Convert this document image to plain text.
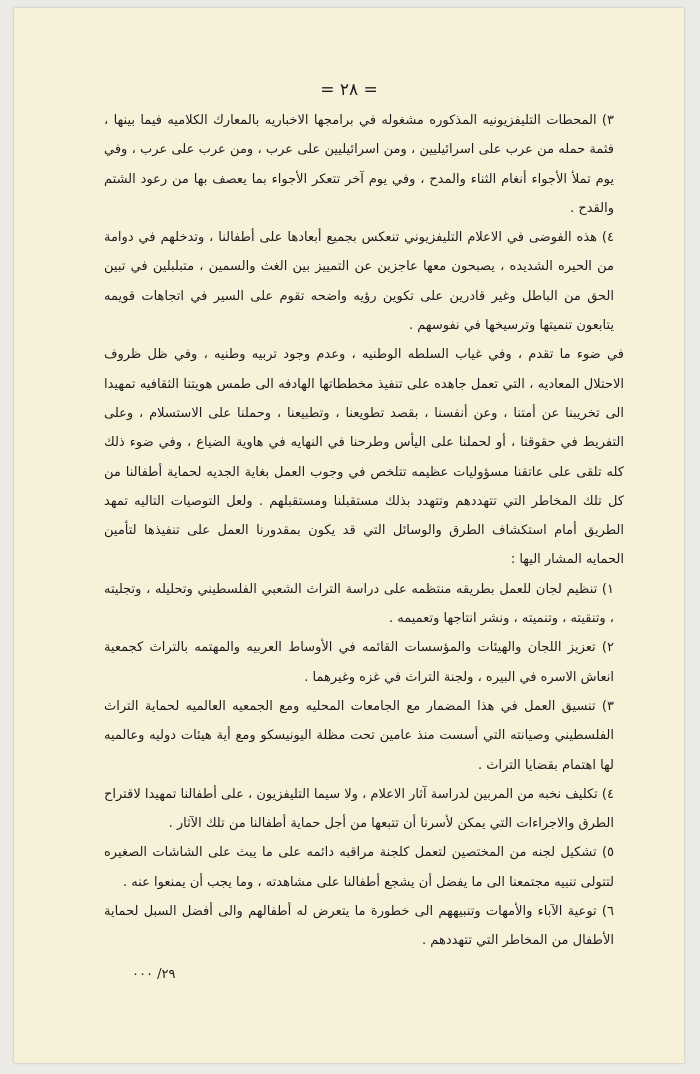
= ٢٨ =

٣) المحطات التليفزيونيه المذكوره مشغوله في برامجها الاخباريه بالمعارك الكلاميه فيما بينها ، فثمة حمله من عرب على اسرائيليين ، ومن اسرائيليين على عرب ، ومن عرب على عرب ، وفي يوم تملأ الأجواء أنغام الثناء والمدح ، وفي يوم آخر تتعكر الأجواء بما يعصف بها من رعود الشتم والقدح .

٤) هذه الفوضى في الاعلام التليفزيوني تنعكس بجميع أبعادها على أطفالنا ، وتدخلهم في دوامة من الحيره الشديده ، يصبحون معها عاجزين عن التمييز بين الغث والسمين ، متبلبلين في تبين الحق من الباطل وغير قادرين على تكوين رؤيه واضحه تقوم على السير في اتجاهات قويمه يتابعون تنميتها وترسيخها في نفوسهم .

في ضوء ما تقدم ، وفي غياب السلطه الوطنيه ، وعدم وجود تربيه وطنيه ، وفي ظل ظروف الاحتلال المعاديه ، التي تعمل جاهده على تنفيذ مخططاتها الهادفه الى طمس هويتنا الثقافيه تمهيدا الى تخريبنا عن أمتنا ، وعن أنفسنا ، بقصد تطويعنا ، وتطبيعنا ، وحملنا على الاستسلام ، وعلى التفريط في حقوقنا ، أو لحملنا على اليأس وطرحنا في النهايه في هاوية الضياع ، وفي ضوء ذلك كله تلقى على عاتقنا مسؤوليات عظيمه تتلخص في وجوب العمل بغاية الجديه لحماية أطفالنا من كل تلك المخاطر التي تتهددهم وتتهدد بذلك مستقبلنا ومستقبلهم . ولعل التوصيات التاليه تمهد الطريق أمام استكشاف الطرق والوسائل التي قد يكون بمقدورنا العمل على تنفيذها لتأمين الحمايه المشار اليها :

١) تنظيم لجان للعمل بطريقه منتظمه على دراسة التراث الشعبي الفلسطيني وتحليله ، وتجليته ، وتنقيته ، وتنميته ، ونشر انتاجها وتعميمه .

٢) تعزيز اللجان والهيئات والمؤسسات القائمه في الأوساط العربيه والمهتمه بالتراث كجمعية انعاش الاسره في البيره ، ولجنة التراث في غزه وغيرهما .

٣) تنسيق العمل في هذا المضمار مع الجامعات المحليه ومع الجمعيه العالميه لحماية التراث الفلسطيني وصيانته التي أسست منذ عامين تحت مظلة اليونيسكو ومع أية هيئات دوليه وعالميه لها اهتمام بقضايا التراث .

٤) تكليف نخبه من المربين لدراسة آثار الاعلام ، ولا سيما التليفزيون ، على أطفالنا تمهيدا لاقتراح الطرق والاجراءات التي يمكن لأسرنا أن تتبعها من أجل حماية أطفالنا من تلك الآثار .

٥) تشكيل لجنه من المختصين لتعمل كلجنة مراقبه دائمه على ما يبث على الشاشات الصغيره لتتولى تنبيه مجتمعنا الى ما يفضل أن يشجع أطفالنا على مشاهدته ، وما يجب أن يمنعوا عنه .

٦) توعية الآباء والأمهات وتنبيههم الى خطورة ما يتعرض له أطفالهم والى أفضل السبل لحماية الأطفال من المخاطر التي تتهددهم .

٢٩/ ٠٠٠
